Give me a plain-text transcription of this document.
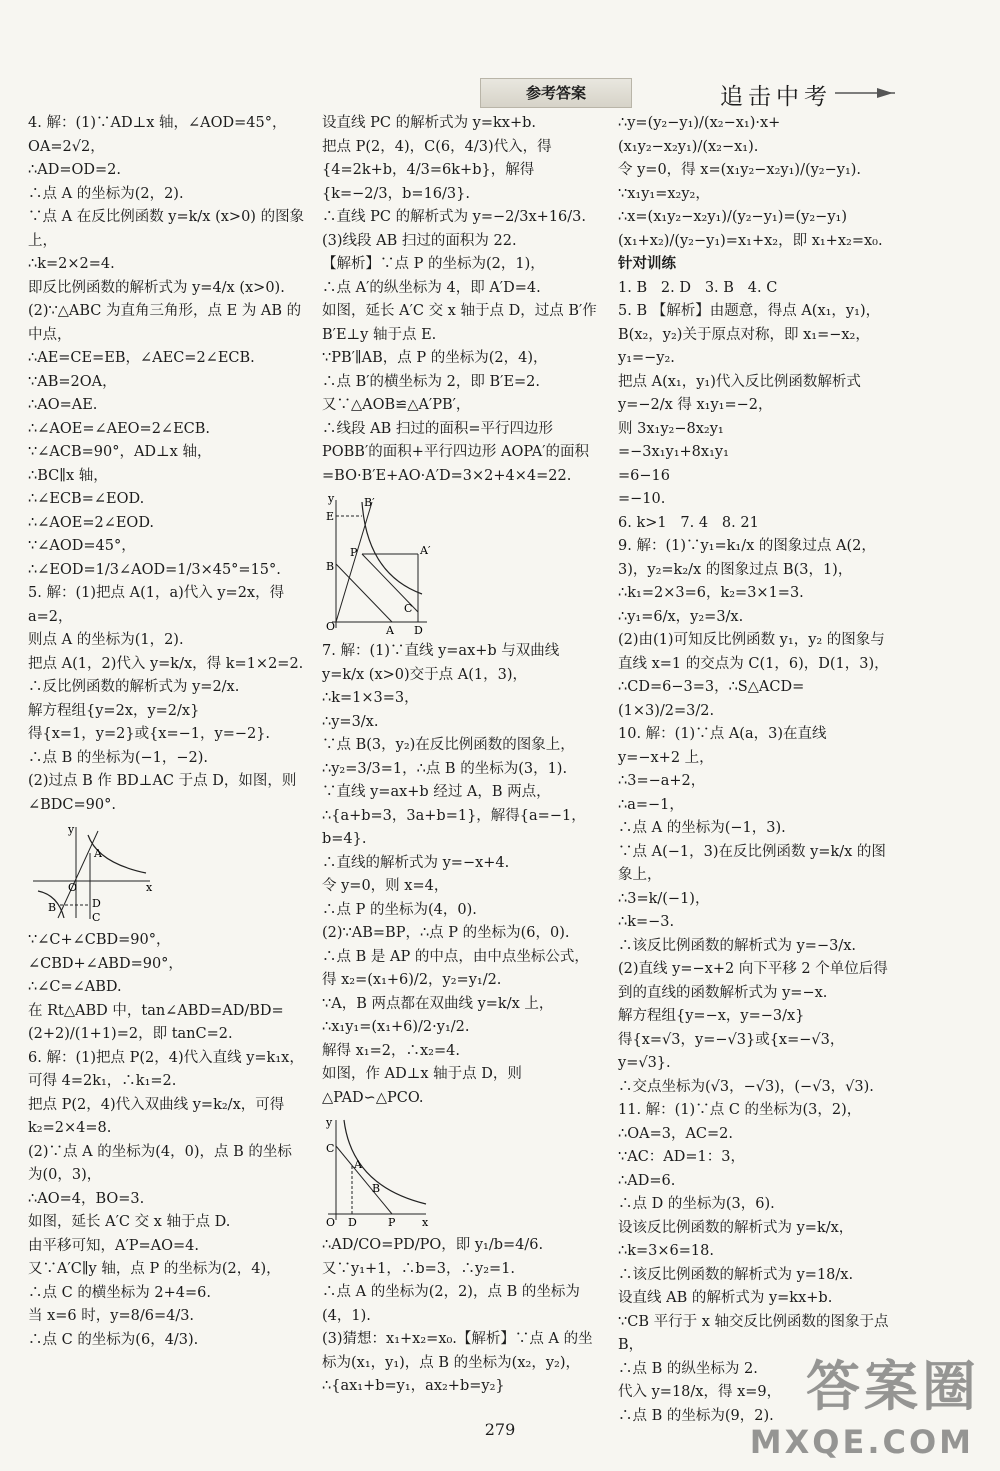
参考答案	追击中考
4. 解：(1)∵AD⊥x 轴，∠AOD=45°，OA=2√2，
∴AD=OD=2.
∴点 A 的坐标为(2，2).
∵点 A 在反比例函数 y=k/x (x>0) 的图象上，
∴k=2×2=4.
即反比例函数的解析式为 y=4/x (x>0).
(2)∵△ABC 为直角三角形，点 E 为 AB 的中点，
∴AE=CE=EB，∠AEC=2∠ECB.
∵AB=2OA，
∴AO=AE.
∴∠AOE=∠AEO=2∠ECB.
∵∠ACB=90°，AD⊥x 轴，
∴BC∥x 轴，
∴∠ECB=∠EOD.
∴∠AOE=2∠EOD.
∵∠AOD=45°，
∴∠EOD=1/3∠AOD=1/3×45°=15°.
5. 解：(1)把点 A(1，a)代入 y=2x，得 a=2，
则点 A 的坐标为(1，2).
把点 A(1，2)代入 y=k/x，得 k=1×2=2.
∴反比例函数的解析式为 y=2/x.
解方程组{y=2x，y=2/x}
得{x=1，y=2}或{x=−1，y=−2}.
∴点 B 的坐标为(−1，−2).
(2)过点 B 作 BD⊥AC 于点 D，如图，则∠BDC=90°.
y
x
O
A
B
C
D
∵∠C+∠CBD=90°，∠CBD+∠ABD=90°，
∴∠C=∠ABD.
在 Rt△ABD 中，tan∠ABD=AD/BD=(2+2)/(1+1)=2，即 tanC=2.
6. 解：(1)把点 P(2，4)代入直线 y=k₁x，可得 4=2k₁，∴k₁=2.
把点 P(2，4)代入双曲线 y=k₂/x，可得 k₂=2×4=8.
(2)∵点 A 的坐标为(4，0)，点 B 的坐标为(0，3)，
∴AO=4，BO=3.
如图，延长 A′C 交 x 轴于点 D.
由平移可知，A′P=AO=4.
又∵A′C∥y 轴，点 P 的坐标为(2，4)，
∴点 C 的横坐标为 2+4=6.
当 x=6 时，y=8/6=4/3.
∴点 C 的坐标为(6，4/3).
设直线 PC 的解析式为 y=kx+b.
把点 P(2，4)，C(6，4/3)代入，得
{4=2k+b，4/3=6k+b}，解得{k=−2/3，b=16/3}.
∴直线 PC 的解析式为 y=−2/3x+16/3.
(3)线段 AB 扫过的面积为 22.
【解析】∵点 P 的坐标为(2，1)，
∴点 A′的纵坐标为 4，即 A′D=4.
如图，延长 A′C 交 x 轴于点 D，过点 B′作 B′E⊥y 轴于点 E.
∵PB′∥AB，点 P 的坐标为(2，4)，
∴点 B′的横坐标为 2，即 B′E=2.
又∵△AOB≌△A′PB′，
∴线段 AB 扫过的面积=平行四边形 POBB′的面积+平行四边形 AOPA′的面积=BO·B′E+AO·A′D=3×2+4×4=22.
y
O
E
B′
B
P	A′
C
A D
7. 解：(1)∵直线 y=ax+b 与双曲线 y=k/x (x>0)交于点 A(1，3)，
∴k=1×3=3，
∴y=3/x.
∵点 B(3，y₂)在反比例函数的图象上，
∴y₂=3/3=1，∴点 B 的坐标为(3，1).
∵直线 y=ax+b 经过 A，B 两点，
∴{a+b=3，3a+b=1}，解得{a=−1，b=4}.
∴直线的解析式为 y=−x+4.
令 y=0，则 x=4，
∴点 P 的坐标为(4，0).
(2)∵AB=BP，∴点 P 的坐标为(6，0).
∴点 B 是 AP 的中点，由中点坐标公式，
得 x₂=(x₁+6)/2，y₂=y₁/2.
∵A，B 两点都在双曲线 y=k/x 上，
∴x₁y₁=(x₁+6)/2·y₁/2.
解得 x₁=2，∴x₂=4.
如图，作 AD⊥x 轴于点 D，则△PAD∽△PCO.
y
x
O
C
A
B
D	P
∴AD/CO=PD/PO，即 y₁/b=4/6.
又∵y₁+1，∴b=3，∴y₂=1.
∴点 A 的坐标为(2，2)，点 B 的坐标为(4，1).
(3)猜想：x₁+x₂=x₀.【解析】∵点 A 的坐标为(x₁，y₁)，点 B 的坐标为(x₂，y₂)，
∴{ax₁+b=y₁，ax₂+b=y₂}
∴y=(y₂−y₁)/(x₂−x₁)·x+(x₁y₂−x₂y₁)/(x₂−x₁).
令 y=0，得 x=(x₁y₂−x₂y₁)/(y₂−y₁).
∵x₁y₁=x₂y₂，
∴x=(x₁y₂−x₂y₁)/(y₂−y₁)=(y₂−y₁)(x₁+x₂)/(y₂−y₁)=x₁+x₂，即 x₁+x₂=x₀.
针对训练
1. B   2. D   3. B   4. C
5. B 【解析】由题意，得点 A(x₁，y₁)，B(x₂，y₂)关于原点对称，即 x₁=−x₂，y₁=−y₂.
把点 A(x₁，y₁)代入反比例函数解析式 y=−2/x 得 x₁y₁=−2，
则 3x₁y₂−8x₂y₁
=−3x₁y₁+8x₁y₁
=6−16
=−10.
6. k>1   7. 4   8. 21
9. 解：(1)∵y₁=k₁/x 的图象过点 A(2，3)，y₂=k₂/x 的图象过点 B(3，1)，
∴k₁=2×3=6，k₂=3×1=3.
∴y₁=6/x，y₂=3/x.
(2)由(1)可知反比例函数 y₁，y₂ 的图象与直线 x=1 的交点为 C(1，6)，D(1，3)，
∴CD=6−3=3，∴S△ACD=(1×3)/2=3/2.
10. 解：(1)∵点 A(a，3)在直线 y=−x+2 上，
∴3=−a+2，
∴a=−1，
∴点 A 的坐标为(−1，3).
∵点 A(−1，3)在反比例函数 y=k/x 的图象上，
∴3=k/(−1)，
∴k=−3.
∴该反比例函数的解析式为 y=−3/x.
(2)直线 y=−x+2 向下平移 2 个单位后得到的直线的函数解析式为 y=−x.
解方程组{y=−x，y=−3/x}
得{x=√3，y=−√3}或{x=−√3，y=√3}.
∴交点坐标为(√3，−√3)，(−√3，√3).
11. 解：(1)∵点 C 的坐标为(3，2)，
∴OA=3，AC=2.
∵AC：AD=1：3，
∴AD=6.
∴点 D 的坐标为(3，6).
设该反比例函数的解析式为 y=k/x，
∴k=3×6=18.
∴该反比例函数的解析式为 y=18/x.
设直线 AB 的解析式为 y=kx+b.
∵CB 平行于 x 轴交反比例函数的图象于点 B，
∴点 B 的纵坐标为 2.
代入 y=18/x，得 x=9，
∴点 B 的坐标为(9，2).
279
答案圈
MXQE.COM
